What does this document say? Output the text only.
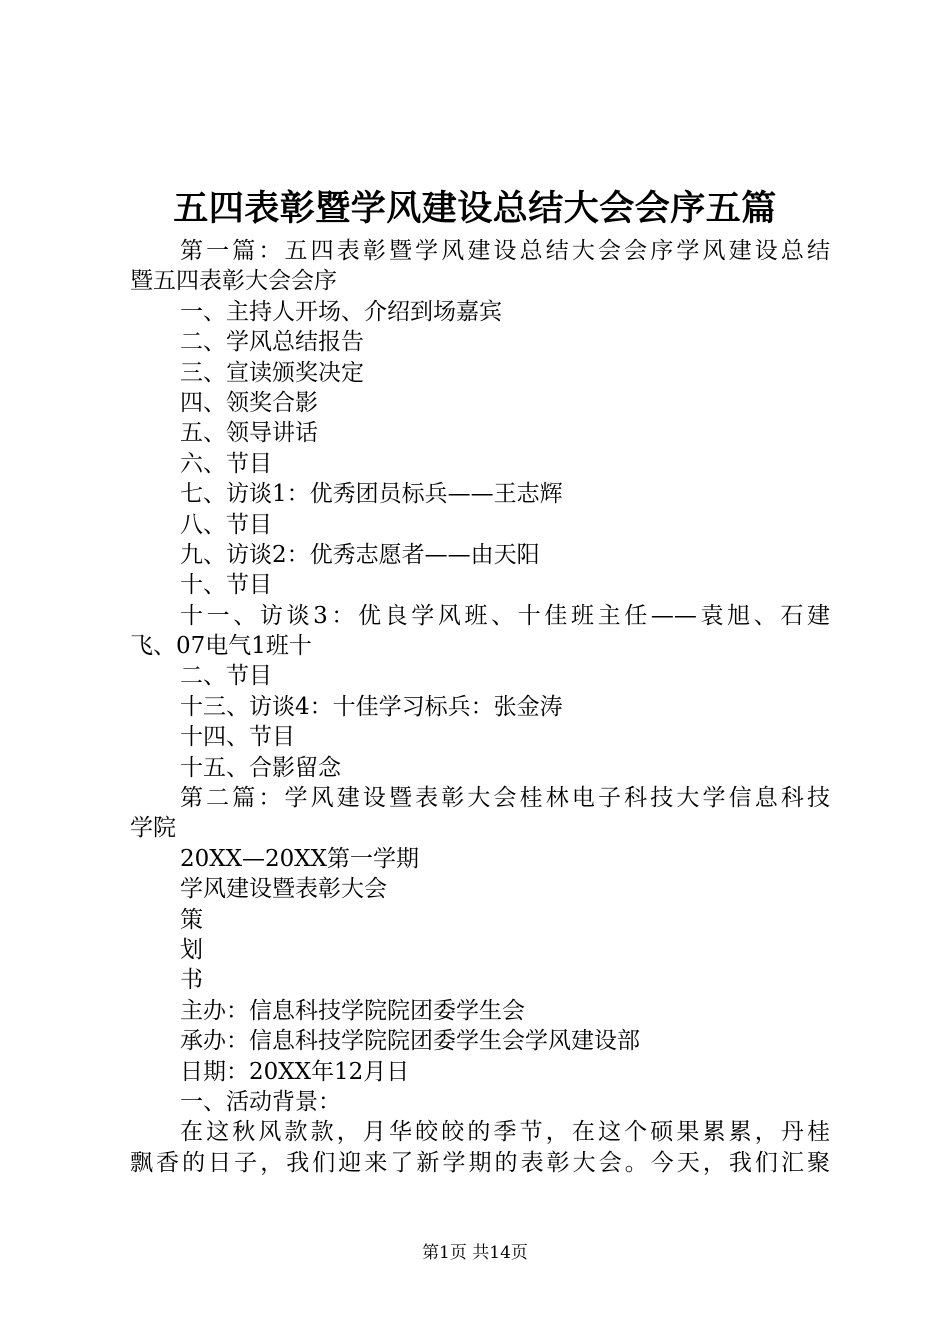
五四表彰暨学风建设总结大会会序五篇
第一篇：五四表彰暨学风建设总结大会会序学风建设总结
暨五四表彰大会会序
一、主持人开场、介绍到场嘉宾
二、学风总结报告
三、宣读颁奖决定
四、领奖合影
五、领导讲话
六、节目
七、访谈1：优秀团员标兵——王志辉
八、节目
九、访谈2：优秀志愿者——由天阳
十、节目
十一、访谈3：优良学风班、十佳班主任——袁旭、石建
飞、07电气1班十
二、节目
十三、访谈4：十佳学习标兵：张金涛
十四、节目
十五、合影留念
第二篇：学风建设暨表彰大会桂林电子科技大学信息科技
学院
20XX—20XX第一学期
学风建设暨表彰大会
策
划
书
主办：信息科技学院院团委学生会
承办：信息科技学院院团委学生会学风建设部
日期：20XX年12月日
一、活动背景：
在这秋风款款，月华皎皎的季节，在这个硕果累累，丹桂
飘香的日子，我们迎来了新学期的表彰大会。今天，我们汇聚
第1页 共14页
